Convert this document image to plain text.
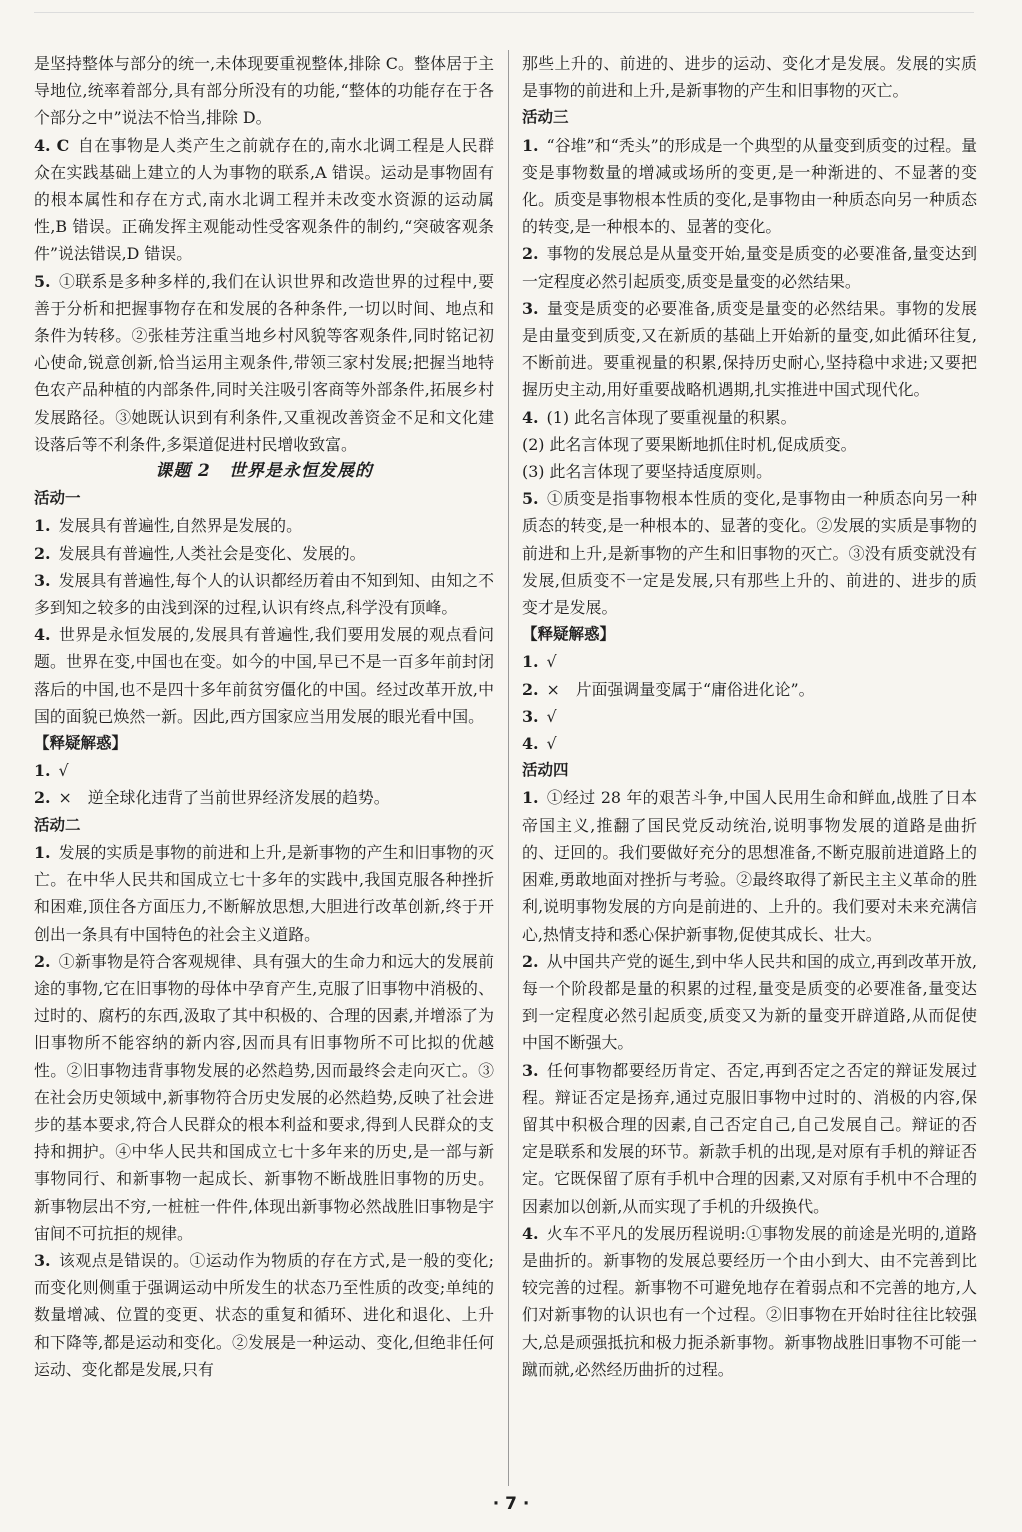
是坚持整体与部分的统一,未体现要重视整体,排除 C。整体居于主导地位,统率着部分,具有部分所没有的功能,“整体的功能存在于各个部分之中”说法不恰当,排除 D。
4. C  自在事物是人类产生之前就存在的,南水北调工程是人民群众在实践基础上建立的人为事物的联系,A 错误。运动是事物固有的根本属性和存在方式,南水北调工程并未改变水资源的运动属性,B 错误。正确发挥主观能动性受客观条件的制约,“突破客观条件”说法错误,D 错误。
5.  ①联系是多种多样的,我们在认识世界和改造世界的过程中,要善于分析和把握事物存在和发展的各种条件,一切以时间、地点和条件为转移。②张桂芳注重当地乡村风貌等客观条件,同时铭记初心使命,锐意创新,恰当运用主观条件,带领三家村发展;把握当地特色农产品种植的内部条件,同时关注吸引客商等外部条件,拓展乡村发展路径。③她既认识到有利条件,又重视改善资金不足和文化建设落后等不利条件,多渠道促进村民增收致富。
课题 2　世界是永恒发展的
活动一
1.  发展具有普遍性,自然界是发展的。
2.  发展具有普遍性,人类社会是变化、发展的。
3.  发展具有普遍性,每个人的认识都经历着由不知到知、由知之不多到知之较多的由浅到深的过程,认识有终点,科学没有顶峰。
4.  世界是永恒发展的,发展具有普遍性,我们要用发展的观点看问题。世界在变,中国也在变。如今的中国,早已不是一百多年前封闭落后的中国,也不是四十多年前贫穷僵化的中国。经过改革开放,中国的面貌已焕然一新。因此,西方国家应当用发展的眼光看中国。
【释疑解惑】
1.  √
2.  ×　逆全球化违背了当前世界经济发展的趋势。
活动二
1.  发展的实质是事物的前进和上升,是新事物的产生和旧事物的灭亡。在中华人民共和国成立七十多年的实践中,我国克服各种挫折和困难,顶住各方面压力,不断解放思想,大胆进行改革创新,终于开创出一条具有中国特色的社会主义道路。
2.  ①新事物是符合客观规律、具有强大的生命力和远大的发展前途的事物,它在旧事物的母体中孕育产生,克服了旧事物中消极的、过时的、腐朽的东西,汲取了其中积极的、合理的因素,并增添了为旧事物所不能容纳的新内容,因而具有旧事物所不可比拟的优越性。②旧事物违背事物发展的必然趋势,因而最终会走向灭亡。③在社会历史领域中,新事物符合历史发展的必然趋势,反映了社会进步的基本要求,符合人民群众的根本利益和要求,得到人民群众的支持和拥护。④中华人民共和国成立七十多年来的历史,是一部与新事物同行、和新事物一起成长、新事物不断战胜旧事物的历史。新事物层出不穷,一桩桩一件件,体现出新事物必然战胜旧事物是宇宙间不可抗拒的规律。
3.  该观点是错误的。①运动作为物质的存在方式,是一般的变化;而变化则侧重于强调运动中所发生的状态乃至性质的改变;单纯的数量增减、位置的变更、状态的重复和循环、进化和退化、上升和下降等,都是运动和变化。②发展是一种运动、变化,但绝非任何运动、变化都是发展,只有
那些上升的、前进的、进步的运动、变化才是发展。发展的实质是事物的前进和上升,是新事物的产生和旧事物的灭亡。
活动三
1.  “谷堆”和“秃头”的形成是一个典型的从量变到质变的过程。量变是事物数量的增减或场所的变更,是一种渐进的、不显著的变化。质变是事物根本性质的变化,是事物由一种质态向另一种质态的转变,是一种根本的、显著的变化。
2.  事物的发展总是从量变开始,量变是质变的必要准备,量变达到一定程度必然引起质变,质变是量变的必然结果。
3.  量变是质变的必要准备,质变是量变的必然结果。事物的发展是由量变到质变,又在新质的基础上开始新的量变,如此循环往复,不断前进。要重视量的积累,保持历史耐心,坚持稳中求进;又要把握历史主动,用好重要战略机遇期,扎实推进中国式现代化。
4.  (1) 此名言体现了要重视量的积累。
(2) 此名言体现了要果断地抓住时机,促成质变。
(3) 此名言体现了要坚持适度原则。
5.  ①质变是指事物根本性质的变化,是事物由一种质态向另一种质态的转变,是一种根本的、显著的变化。②发展的实质是事物的前进和上升,是新事物的产生和旧事物的灭亡。③没有质变就没有发展,但质变不一定是发展,只有那些上升的、前进的、进步的质变才是发展。
【释疑解惑】
1.  √
2.  ×　片面强调量变属于“庸俗进化论”。
3.  √
4.  √
活动四
1.  ①经过 28 年的艰苦斗争,中国人民用生命和鲜血,战胜了日本帝国主义,推翻了国民党反动统治,说明事物发展的道路是曲折的、迂回的。我们要做好充分的思想准备,不断克服前进道路上的困难,勇敢地面对挫折与考验。②最终取得了新民主主义革命的胜利,说明事物发展的方向是前进的、上升的。我们要对未来充满信心,热情支持和悉心保护新事物,促使其成长、壮大。
2.  从中国共产党的诞生,到中华人民共和国的成立,再到改革开放,每一个阶段都是量的积累的过程,量变是质变的必要准备,量变达到一定程度必然引起质变,质变又为新的量变开辟道路,从而促使中国不断强大。
3.  任何事物都要经历肯定、否定,再到否定之否定的辩证发展过程。辩证否定是扬弃,通过克服旧事物中过时的、消极的内容,保留其中积极合理的因素,自己否定自己,自己发展自己。辩证的否定是联系和发展的环节。新款手机的出现,是对原有手机的辩证否定。它既保留了原有手机中合理的因素,又对原有手机中不合理的因素加以创新,从而实现了手机的升级换代。
4.  火车不平凡的发展历程说明:①事物发展的前途是光明的,道路是曲折的。新事物的发展总要经历一个由小到大、由不完善到比较完善的过程。新事物不可避免地存在着弱点和不完善的地方,人们对新事物的认识也有一个过程。②旧事物在开始时往往比较强大,总是顽强抵抗和极力扼杀新事物。新事物战胜旧事物不可能一蹴而就,必然经历曲折的过程。
· 7 ·
